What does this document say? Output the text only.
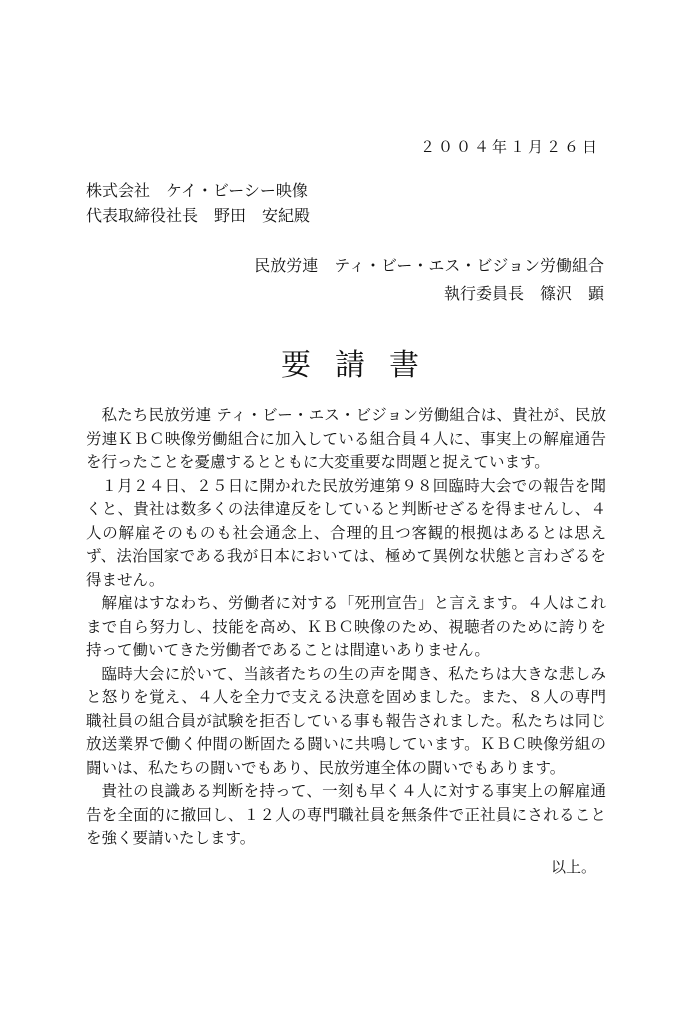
２００４年１月２６日
株式会社　ケイ・ビーシー映像
代表取締役社長　野田　安紀殿
民放労連　ティ・ビー・エス・ビジョン労働組合
執行委員長　篠沢　顕
要請書

私たち民放労連 ティ・ビー・エス・ビジョン労働組合は、貴社が、民放労連ＫＢＣ映像労働組合に加入している組合員４人に、事実上の解雇通告を行ったことを憂慮するとともに大変重要な問題と捉えています。

１月２４日、２５日に開かれた民放労連第９８回臨時大会での報告を聞くと、貴社は数多くの法律違反をしていると判断せざるを得ませんし、４人の解雇そのものも社会通念上、合理的且つ客観的根拠はあるとは思えず、法治国家である我が日本においては、極めて異例な状態と言わざるを得ません。

解雇はすなわち、労働者に対する「死刑宣告」と言えます。４人はこれまで自ら努力し、技能を高め、ＫＢＣ映像のため、視聴者のために誇りを持って働いてきた労働者であることは間違いありません。

臨時大会に於いて、当該者たちの生の声を聞き、私たちは大きな悲しみと怒りを覚え、４人を全力で支える決意を固めました。また、８人の専門職社員の組合員が試験を拒否している事も報告されました。私たちは同じ放送業界で働く仲間の断固たる闘いに共鳴しています。ＫＢＣ映像労組の闘いは、私たちの闘いでもあり、民放労連全体の闘いでもあります。

貴社の良識ある判断を持って、一刻も早く４人に対する事実上の解雇通告を全面的に撤回し、１２人の専門職社員を無条件で正社員にされることを強く要請いたします。

以上。
